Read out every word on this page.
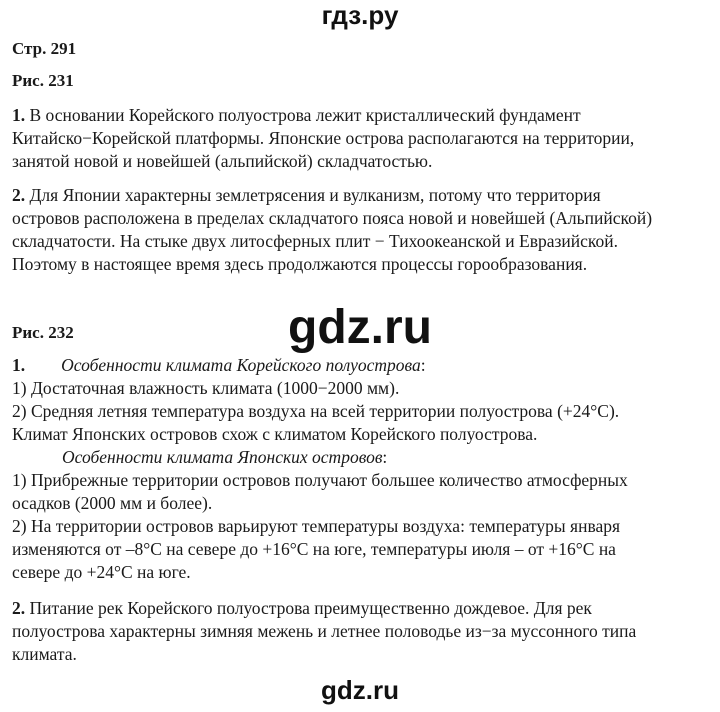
гдз.ру
Стр. 291
Рис. 231
1. В основании Корейского полуострова лежит кристаллический фундамент
Китайско−Корейской платформы. Японские острова располагаются на территории,
занятой новой и новейшей (альпийской) складчатостью.
2. Для Японии характерны землетрясения и вулканизм, потому что территория
островов расположена в пределах складчатого пояса новой и новейшей (Альпийской)
складчатости. На стыке двух литосферных плит − Тихоокеанской и Евразийской.
Поэтому в настоящее время здесь продолжаются процессы горообразования.
gdz.ru
Рис. 232
1. Особенности климата Корейского полуострова:
1) Достаточная влажность климата (1000−2000 мм).
2) Средняя летняя температура воздуха на всей территории полуострова (+24°С).
Климат Японских островов схож с климатом Корейского полуострова.
Особенности климата Японских островов:
1) Прибрежные территории островов получают большее количество атмосферных
осадков (2000 мм и более).
2) На территории островов варьируют температуры воздуха: температуры января
изменяются от –8°С на севере до +16°С на юге, температуры июля – от +16°С на
севере до +24°С на юге.
2. Питание рек Корейского полуострова преимущественно дождевое. Для рек
полуострова характерны зимняя межень и летнее половодье из−за муссонного типа
климата.
gdz.ru
